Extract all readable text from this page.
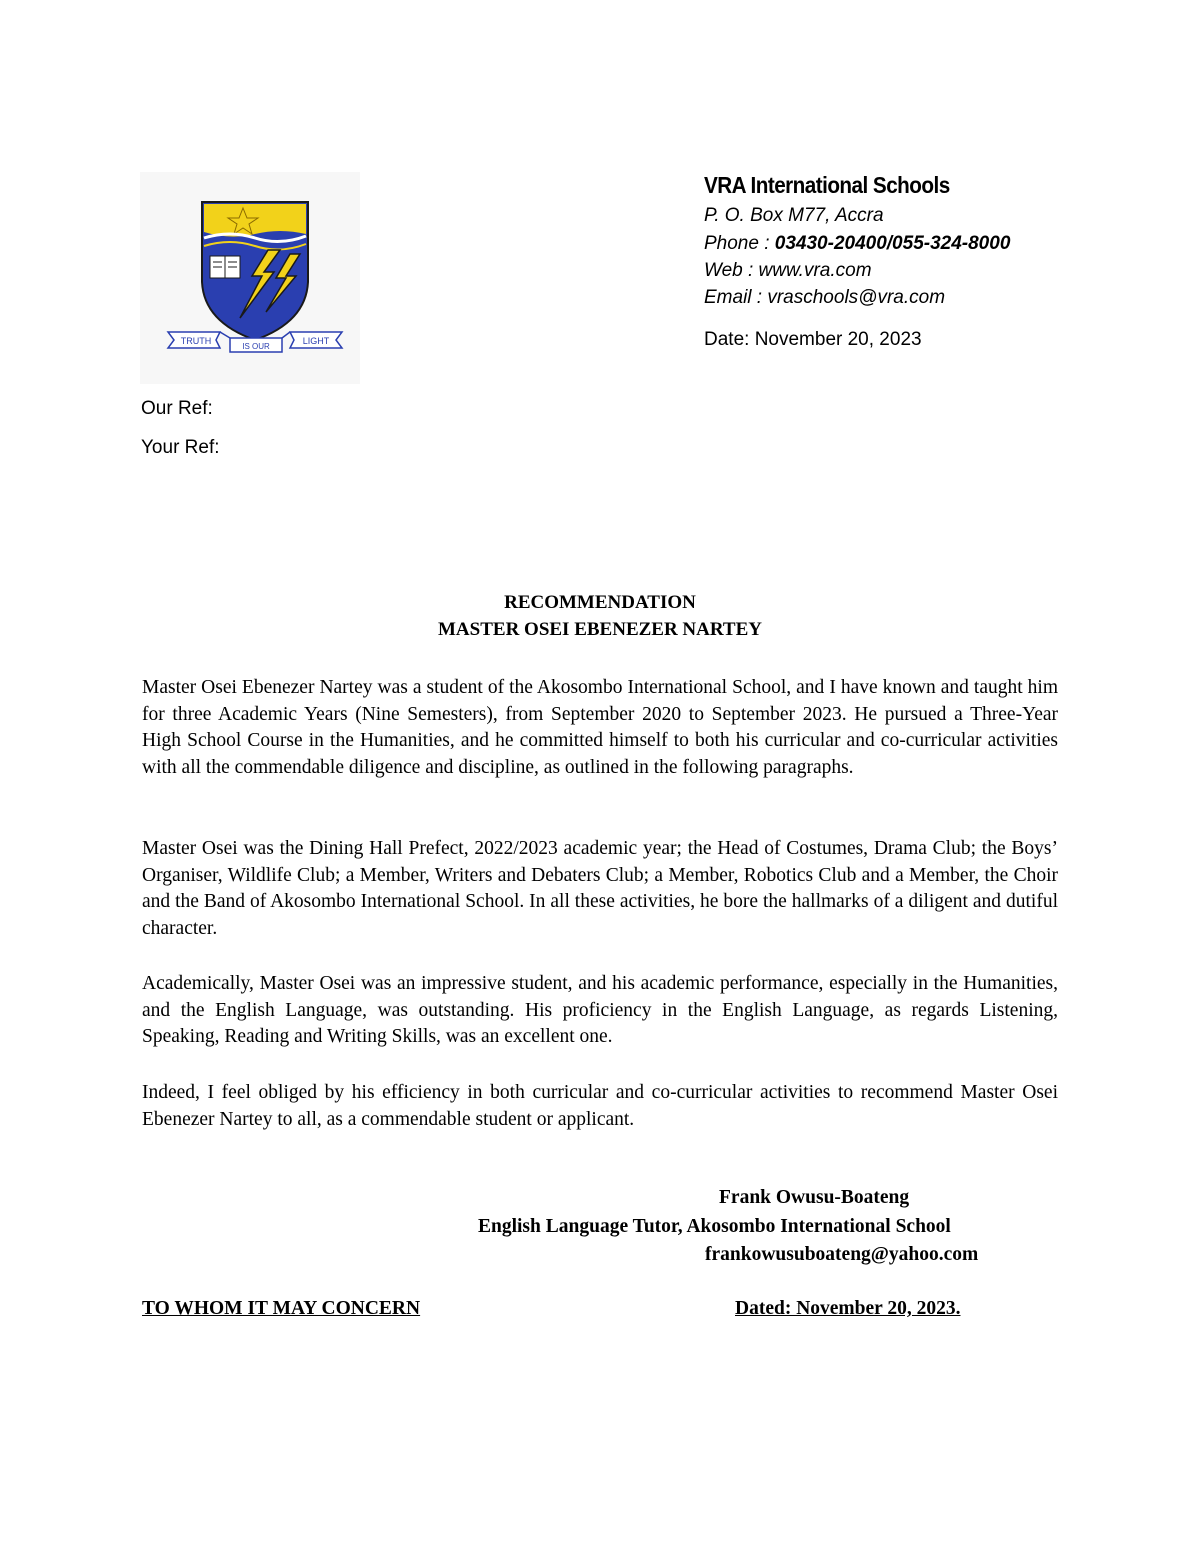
TRUTH
IS OUR
LIGHT
VRA International Schools
P. O. Box M77, Accra
Phone : 03430-20400/055-324-8000
Web : www.vra.com
Email : vraschools@vra.com
Date: November 20, 2023
Our Ref:
Your Ref:
RECOMMENDATION
MASTER OSEI EBENEZER NARTEY
Master Osei Ebenezer Nartey was a student of the Akosombo International School, and I have known and taught him for three Academic Years (Nine Semesters), from September 2020 to September 2023. He pursued a Three-Year High School Course in the Humanities, and he committed himself to both his curricular and co-curricular activities with all the commendable diligence and discipline, as outlined in the following paragraphs.
Master Osei was the Dining Hall Prefect, 2022/2023 academic year; the Head of Costumes, Drama Club; the Boys’ Organiser, Wildlife Club; a Member, Writers and Debaters Club; a Member, Robotics Club and a Member, the Choir and the Band of Akosombo International School. In all these activities, he bore the hallmarks of a diligent and dutiful character.
Academically, Master Osei was an impressive student, and his academic performance, especially in the Humanities, and the English Language, was outstanding. His proficiency in the English Language, as regards Listening, Speaking, Reading and Writing Skills, was an excellent one.
Indeed, I feel obliged by his efficiency in both curricular and co-curricular activities to recommend Master Osei Ebenezer Nartey to all, as a commendable student or applicant.
Frank Owusu-Boateng
English Language Tutor, Akosombo International School
frankowusuboateng@yahoo.com
TO WHOM IT MAY CONCERN	Dated: November 20, 2023.
